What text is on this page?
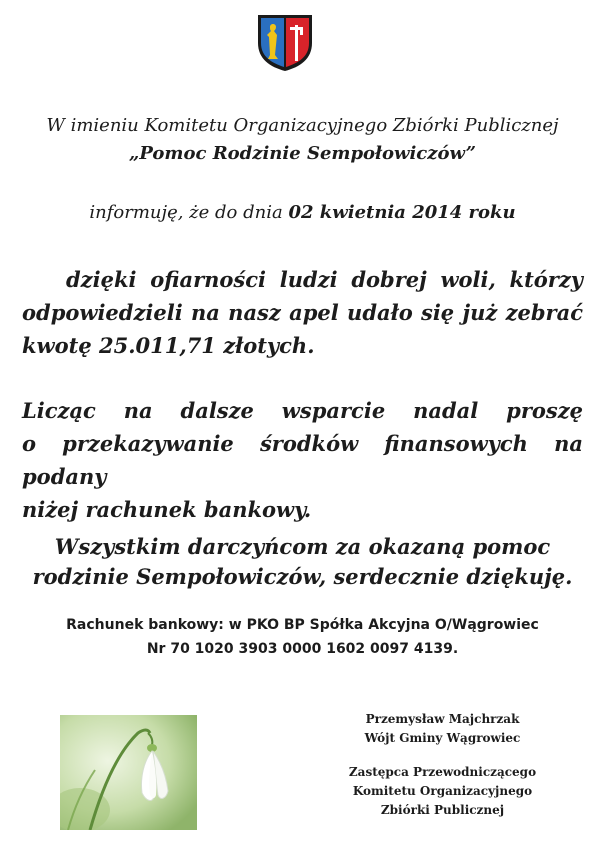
W imieniu Komitetu Organizacyjnego Zbiórki Publicznej
„Pomoc Rodzinie Sempołowiczów”
informuję, że do dnia 02 kwietnia 2014 roku
dzięki ofiarności ludzi dobrej woli, którzy
odpowiedzieli na nasz apel udało się już zebrać
kwotę 25.011,71 złotych.
Licząc na dalsze wsparcie nadal proszę
o przekazywanie środków finansowych na podany
niżej rachunek bankowy.
Wszystkim darczyńcom za okazaną pomoc
rodzinie Sempołowiczów, serdecznie dziękuję.
Rachunek bankowy: w PKO BP Spółka Akcyjna O/Wągrowiec
Nr 70 1020 3903 0000 1602 0097 4139.
Przemysław Majchrzak
Wójt Gminy Wągrowiec
Zastępca Przewodniczącego
Komitetu Organizacyjnego
Zbiórki Publicznej
